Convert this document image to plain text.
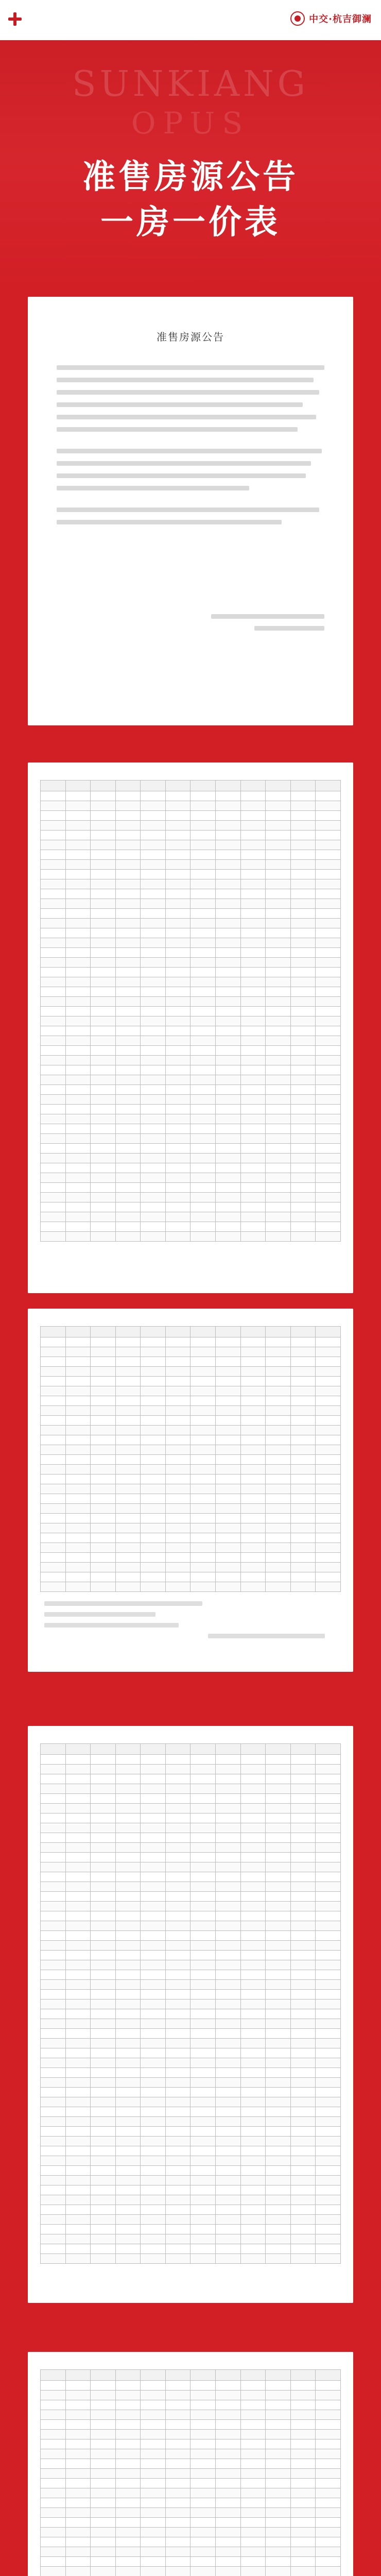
中交·杭吉御澜
SUNKIANG
OPUS
准售房源公告
一房一价表
准售房源公告
